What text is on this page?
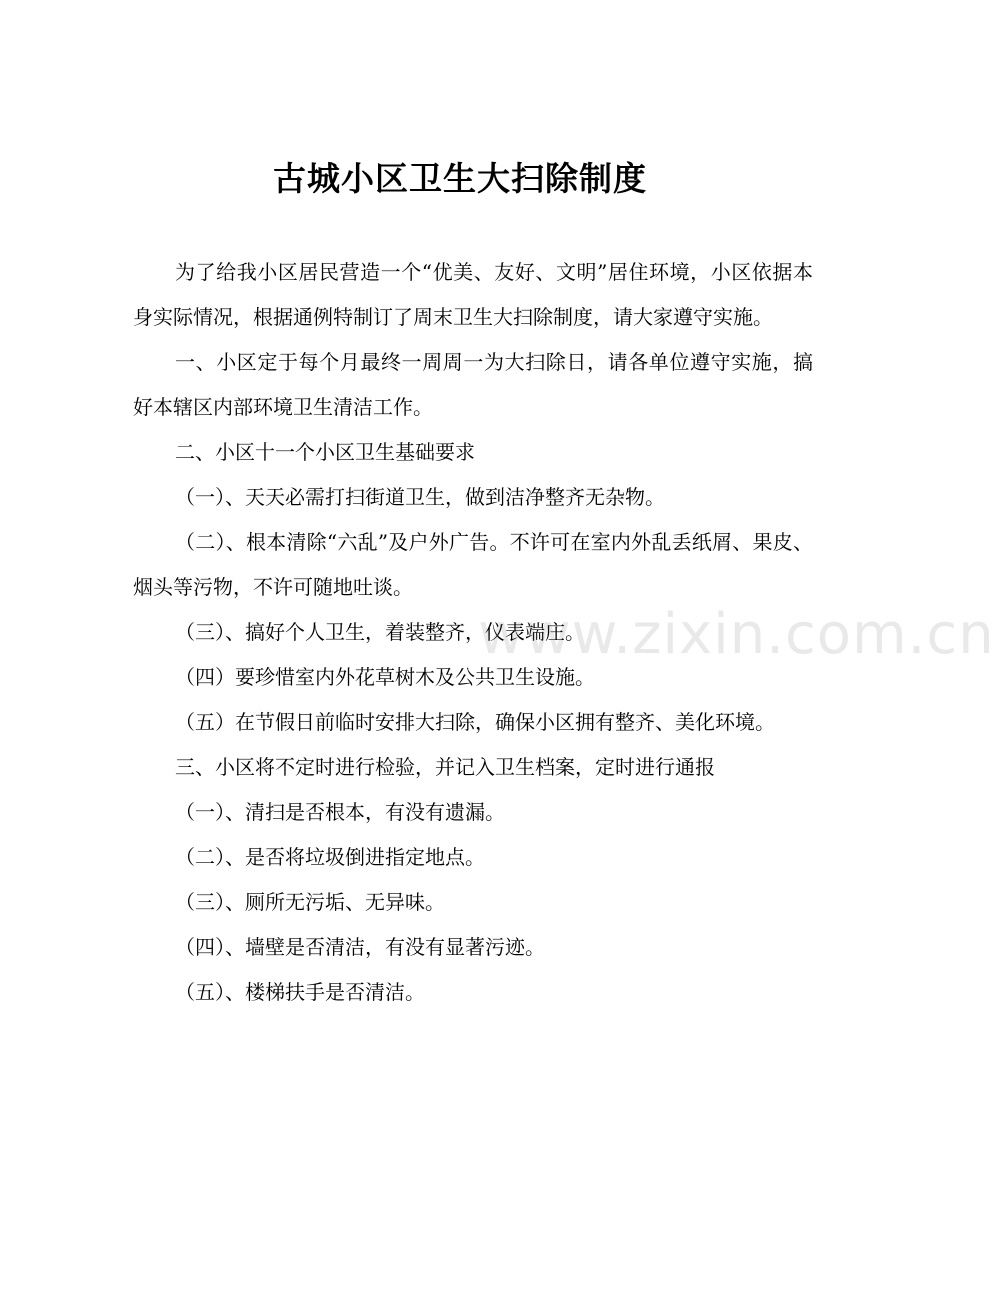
古城小区卫生大扫除制度

为了给我小区居民营造一个“优美、友好、文明”居住环境，小区依据本身实际情况，根据通例特制订了周末卫生大扫除制度，请大家遵守实施。

一、小区定于每个月最终一周周一为大扫除日，请各单位遵守实施，搞好本辖区内部环境卫生清洁工作。

二、小区十一个小区卫生基础要求

（一）、天天必需打扫街道卫生，做到洁净整齐无杂物。

（二）、根本清除“六乱”及户外广告。不许可在室内外乱丢纸屑、果皮、烟头等污物，不许可随地吐谈。

（三）、搞好个人卫生，着装整齐，仪表端庄。

（四）要珍惜室内外花草树木及公共卫生设施。

（五）在节假日前临时安排大扫除，确保小区拥有整齐、美化环境。

三、小区将不定时进行检验，并记入卫生档案，定时进行通报

（一）、清扫是否根本，有没有遗漏。

（二）、是否将垃圾倒进指定地点。

（三）、厕所无污垢、无异味。

（四）、墙壁是否清洁，有没有显著污迹。

（五）、楼梯扶手是否清洁。

www.zixin.com.cn
